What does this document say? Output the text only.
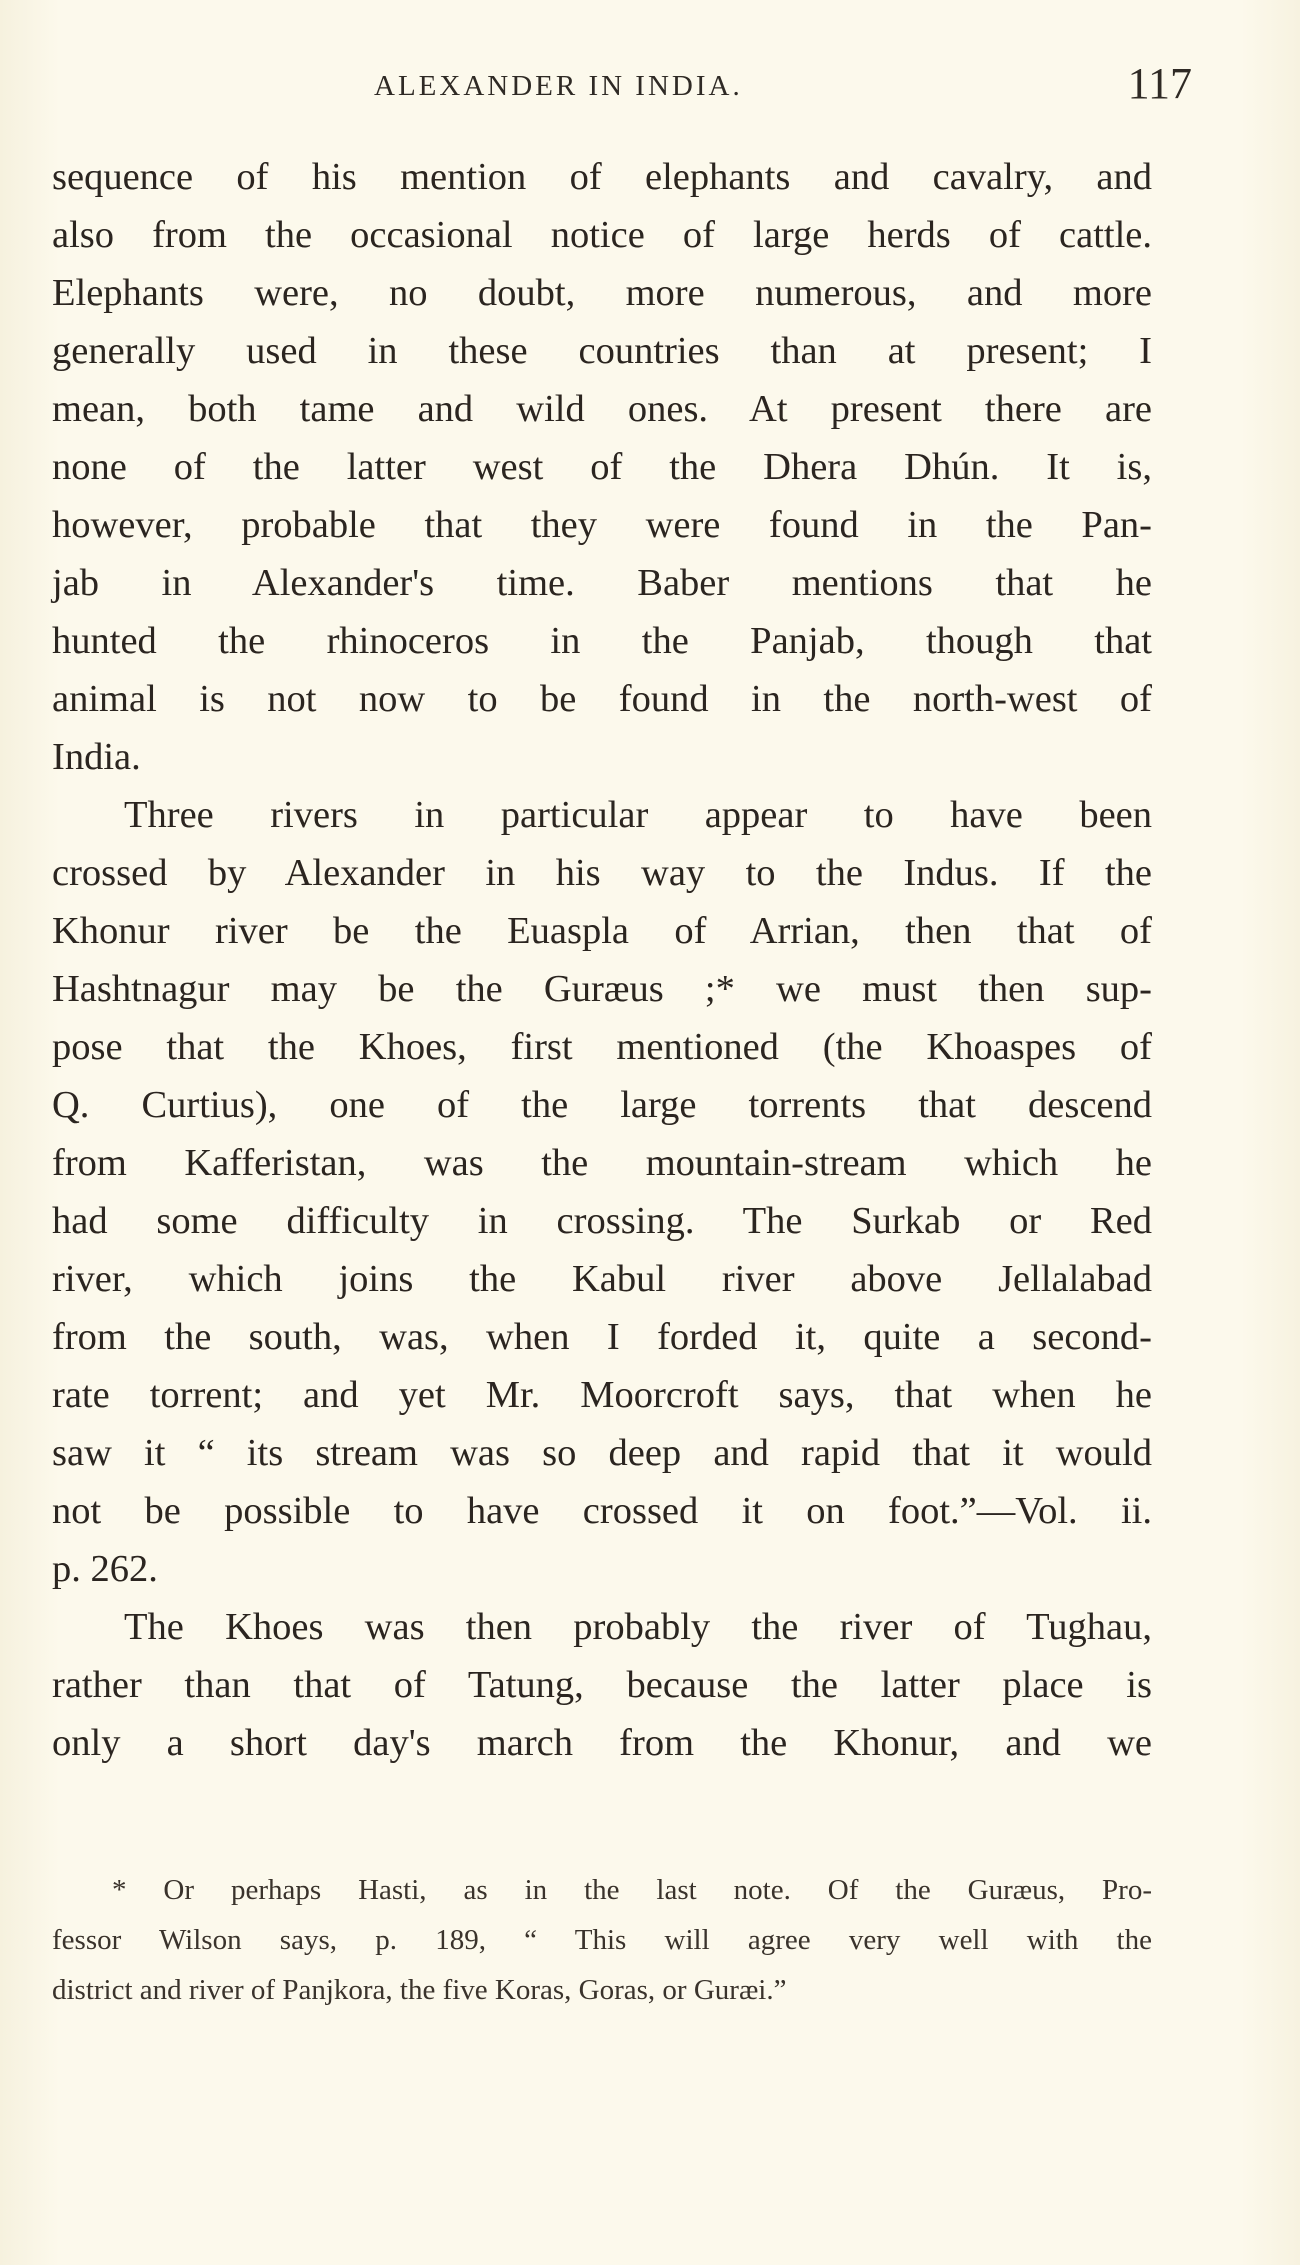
ALEXANDER IN INDIA.	117
sequence of his mention of elephants and cavalry, and
also from the occasional notice of large herds of cattle.
Elephants were, no doubt, more numerous, and more
generally used in these countries than at present; I
mean, both tame and wild ones. At present there are
none of the latter west of the Dhera Dhún. It is,
however, probable that they were found in the Pan-
jab in Alexander's time. Baber mentions that he
hunted the rhinoceros in the Panjab, though that
animal is not now to be found in the north-west of
India.
Three rivers in particular appear to have been
crossed by Alexander in his way to the Indus. If the
Khonur river be the Euaspla of Arrian, then that of
Hashtnagur may be the Guræus ;* we must then sup-
pose that the Khoes, first mentioned (the Khoaspes of
Q. Curtius), one of the large torrents that descend
from Kafferistan, was the mountain-stream which he
had some difficulty in crossing. The Surkab or Red
river, which joins the Kabul river above Jellalabad
from the south, was, when I forded it, quite a second-
rate torrent; and yet Mr. Moorcroft says, that when he
saw it “ its stream was so deep and rapid that it would
not be possible to have crossed it on foot.”—Vol. ii.
p. 262.
The Khoes was then probably the river of Tughau,
rather than that of Tatung, because the latter place is
only a short day's march from the Khonur, and we
* Or perhaps Hasti, as in the last note. Of the Guræus, Pro-
fessor Wilson says, p. 189, “ This will agree very well with the
district and river of Panjkora, the five Koras, Goras, or Guræi.”
